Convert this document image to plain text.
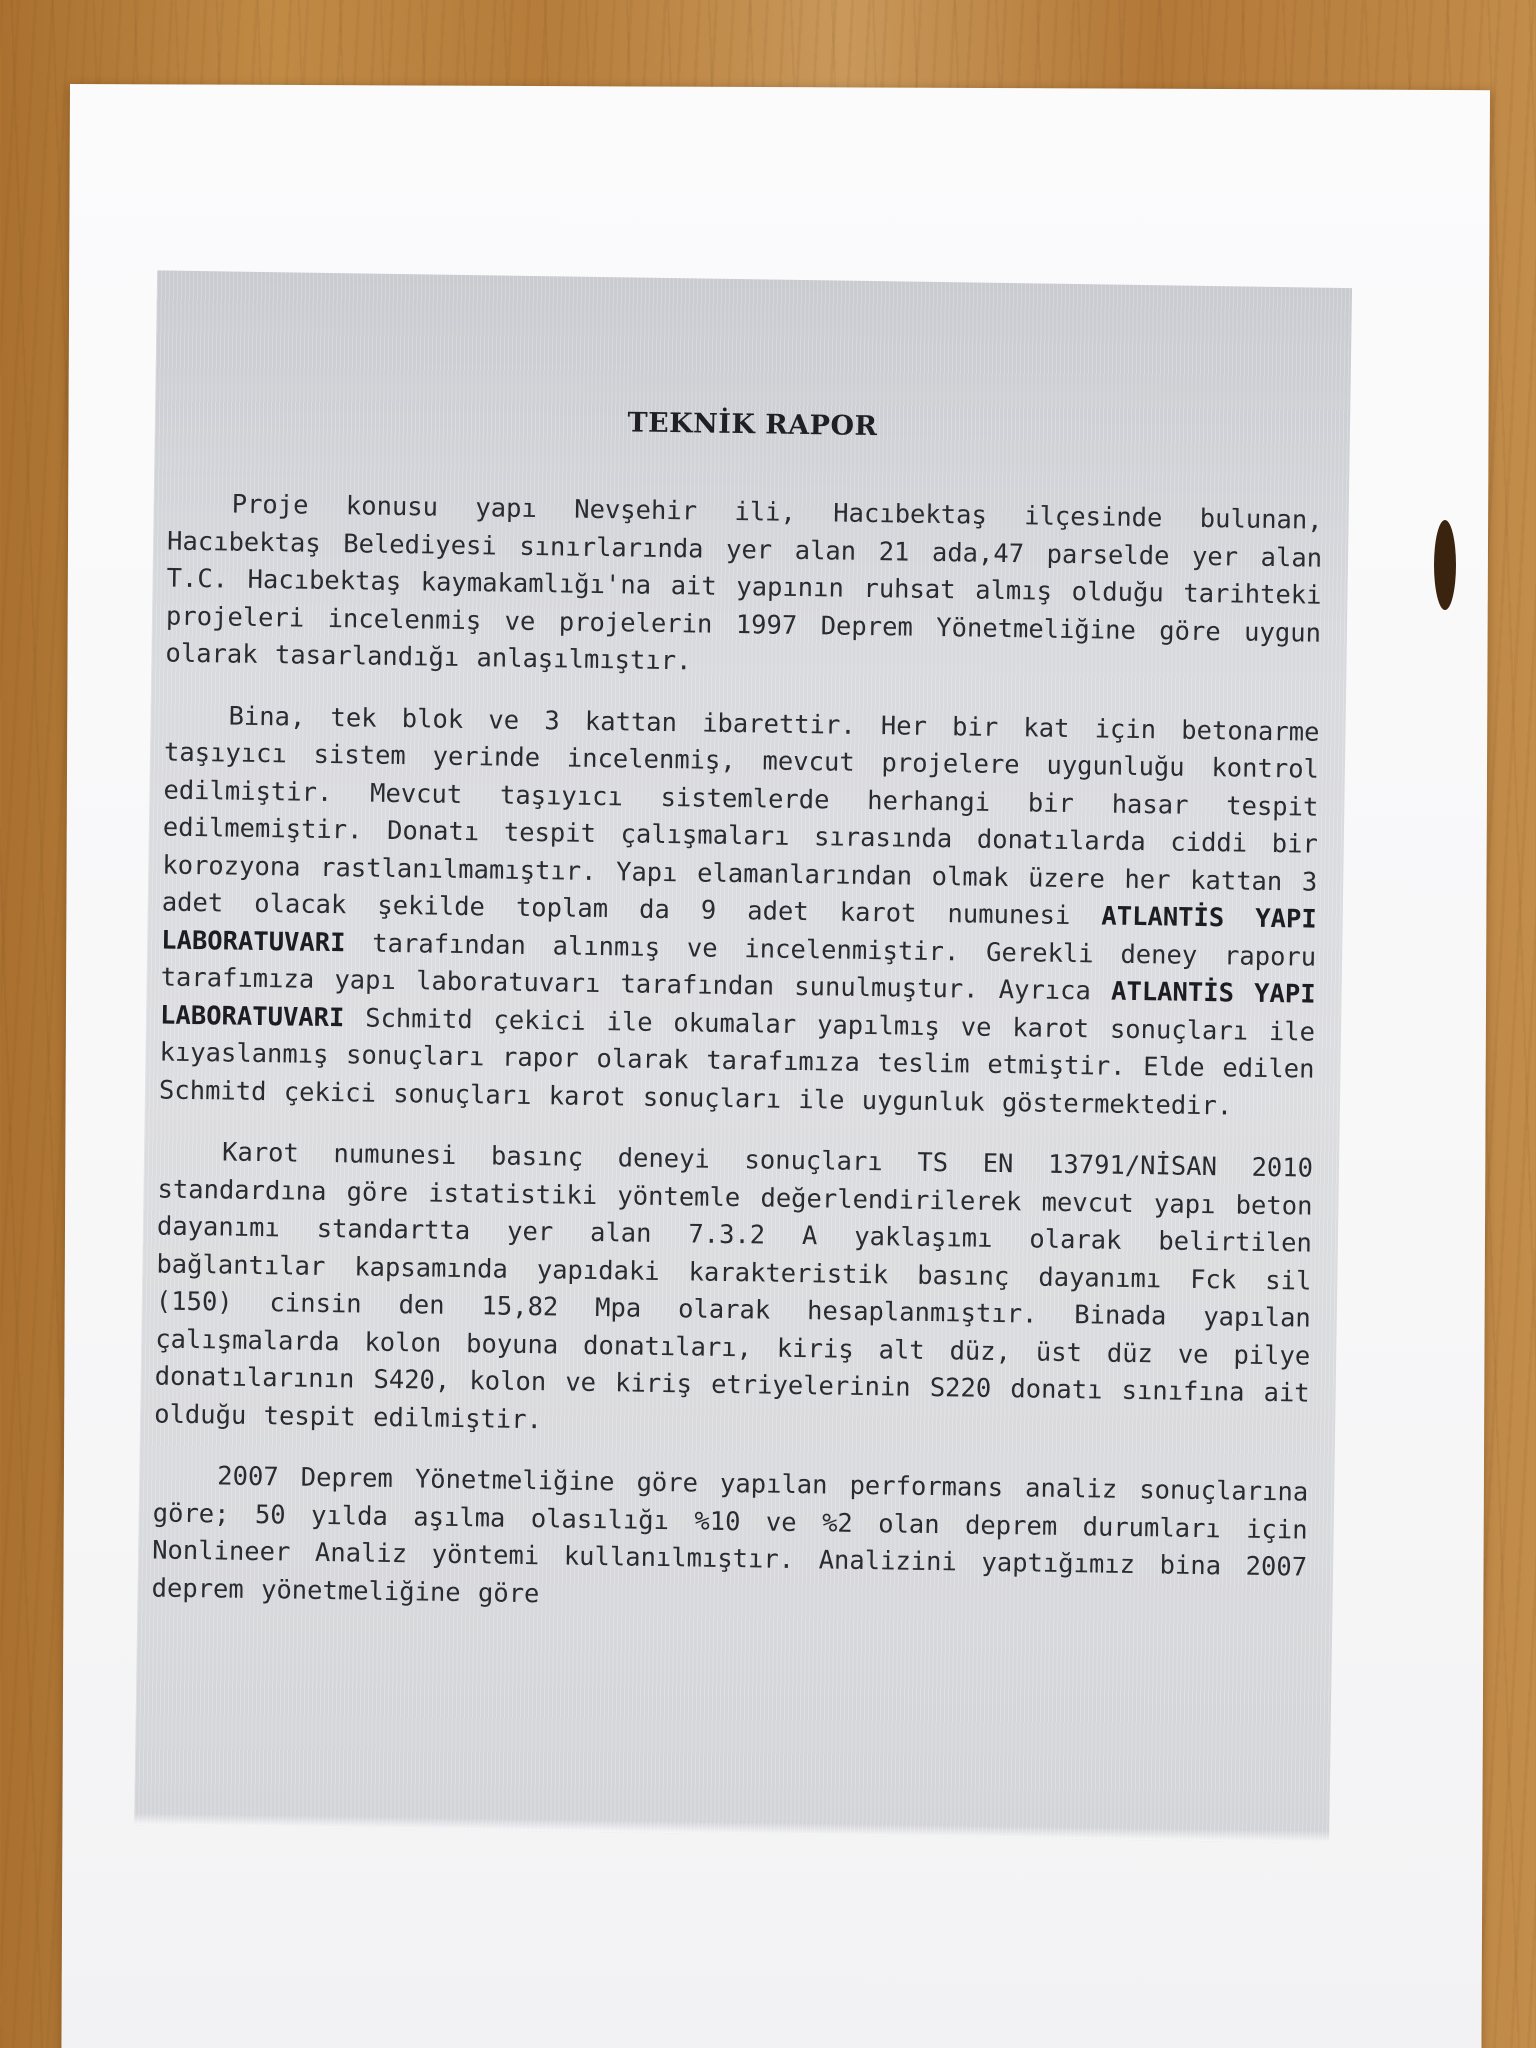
TEKNİK RAPOR

Proje konusu yapı Nevşehir ili, Hacıbektaş ilçesinde bulunan, Hacıbektaş Belediyesi sınırlarında yer alan 21 ada,47 parselde yer alan T.C. Hacıbektaş kaymakamlığı'na ait yapının ruhsat almış olduğu tarihteki projeleri incelenmiş ve projelerin 1997 Deprem Yönetmeliğine göre uygun olarak tasarlandığı anlaşılmıştır.

Bina, tek blok ve 3 kattan ibarettir. Her bir kat için betonarme taşıyıcı sistem yerinde incelenmiş, mevcut projelere uygunluğu kontrol edilmiştir. Mevcut taşıyıcı sistemlerde herhangi bir hasar tespit edilmemiştir. Donatı tespit çalışmaları sırasında donatılarda ciddi bir korozyona rastlanılmamıştır. Yapı elamanlarından olmak üzere her kattan 3 adet olacak şekilde toplam da 9 adet karot numunesi ATLANTİS YAPI LABORATUVARI tarafından alınmış ve incelenmiştir. Gerekli deney raporu tarafımıza yapı laboratuvarı tarafından sunulmuştur. Ayrıca ATLANTİS YAPI LABORATUVARI Schmitd çekici ile okumalar yapılmış ve karot sonuçları ile kıyaslanmış sonuçları rapor olarak tarafımıza teslim etmiştir. Elde edilen Schmitd çekici sonuçları karot sonuçları ile uygunluk göstermektedir.

Karot numunesi basınç deneyi sonuçları TS EN 13791/NİSAN 2010 standardına göre istatistiki yöntemle değerlendirilerek mevcut yapı beton dayanımı standartta yer alan 7.3.2 A yaklaşımı olarak belirtilen bağlantılar kapsamında yapıdaki karakteristik basınç dayanımı Fck sil (150) cinsin den 15,82 Mpa olarak hesaplanmıştır. Binada yapılan çalışmalarda kolon boyuna donatıları, kiriş alt düz, üst düz ve pilye donatılarının S420, kolon ve kiriş etriyelerinin S220 donatı sınıfına ait olduğu tespit edilmiştir.

2007 Deprem Yönetmeliğine göre yapılan performans analiz sonuçlarına göre; 50 yılda aşılma olasılığı %10 ve %2 olan deprem durumları için Nonlineer Analiz yöntemi kullanılmıştır. Analizini yaptığımız bina 2007 deprem yönetmeliğine göre
